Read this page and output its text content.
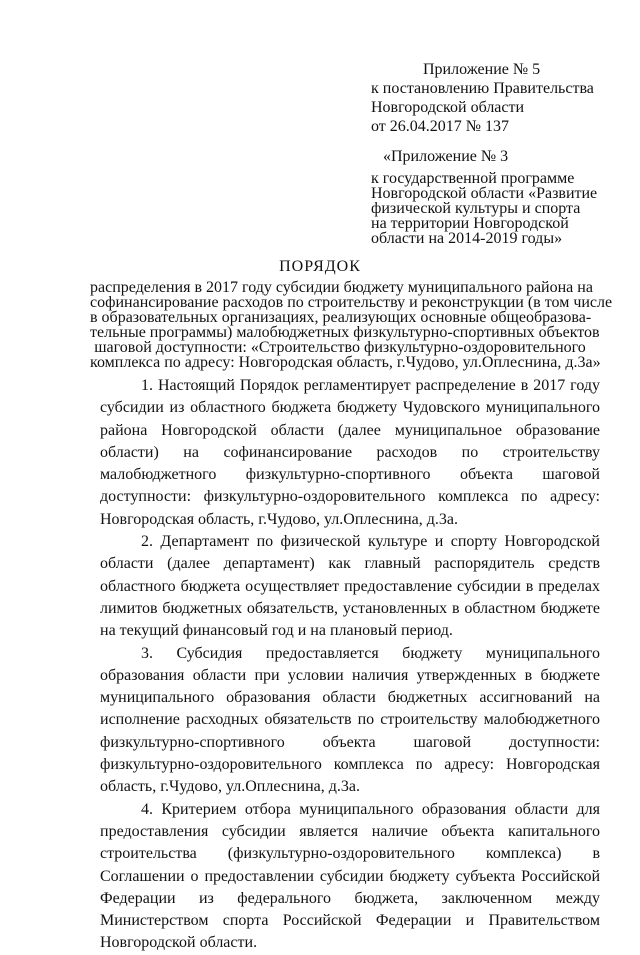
Приложение № 5
к постановлению Правительства
Новгородской области
от 26.04.2017 № 137
«Приложение № 3
к государственной программе
Новгородской области «Развитие
физической культуры и спорта
на территории Новгородской
области на 2014-2019 годы»
ПОРЯДОК
распределения в 2017 году субсидии бюджету муниципального района на
софинансирование расходов по строительству и реконструкции (в том числе
в образовательных организациях, реализующих основные общеобразова-
тельные программы) малобюджетных физкультурно-спортивных объектов
шаговой доступности: «Строительство физкультурно-оздоровительного
комплекса по адресу: Новгородская область, г.Чудово, ул.Оплеснина, д.3а»

1. Настоящий Порядок регламентирует распределение в 2017 году субсидии из областного бюджета бюджету Чудовского муниципального района Новгородской области (далее муниципальное образование области) на софинансирование расходов по строительству малобюджетного физкультурно-спортивного объекта шаговой доступности: физкультурно-оздоровительного комплекса по адресу: Новгородская область, г.Чудово, ул.Оплеснина, д.3а.

2. Департамент по физической культуре и спорту Новгородской области (далее департамент) как главный распорядитель средств областного бюджета осуществляет предоставление субсидии в пределах лимитов бюджетных обязательств, установленных в областном бюджете на текущий финансовый год и на плановый период.

3. Субсидия предоставляется бюджету муниципального образования области при условии наличия утвержденных в бюджете муниципального образования области бюджетных ассигнований на исполнение расходных обязательств по строительству малобюджетного физкультурно-спортивного объекта шаговой доступности: физкультурно-оздоровительного комплекса по адресу: Новгородская область, г.Чудово, ул.Оплеснина, д.3а.

4. Критерием отбора муниципального образования области для предоставления субсидии является наличие объекта капитального строительства (физкультурно-оздоровительного комплекса) в Соглашении о предоставлении субсидии бюджету субъекта Российской Федерации из федерального бюджета, заключенном между Министерством спорта Российской Федерации и Правительством Новгородской области.
